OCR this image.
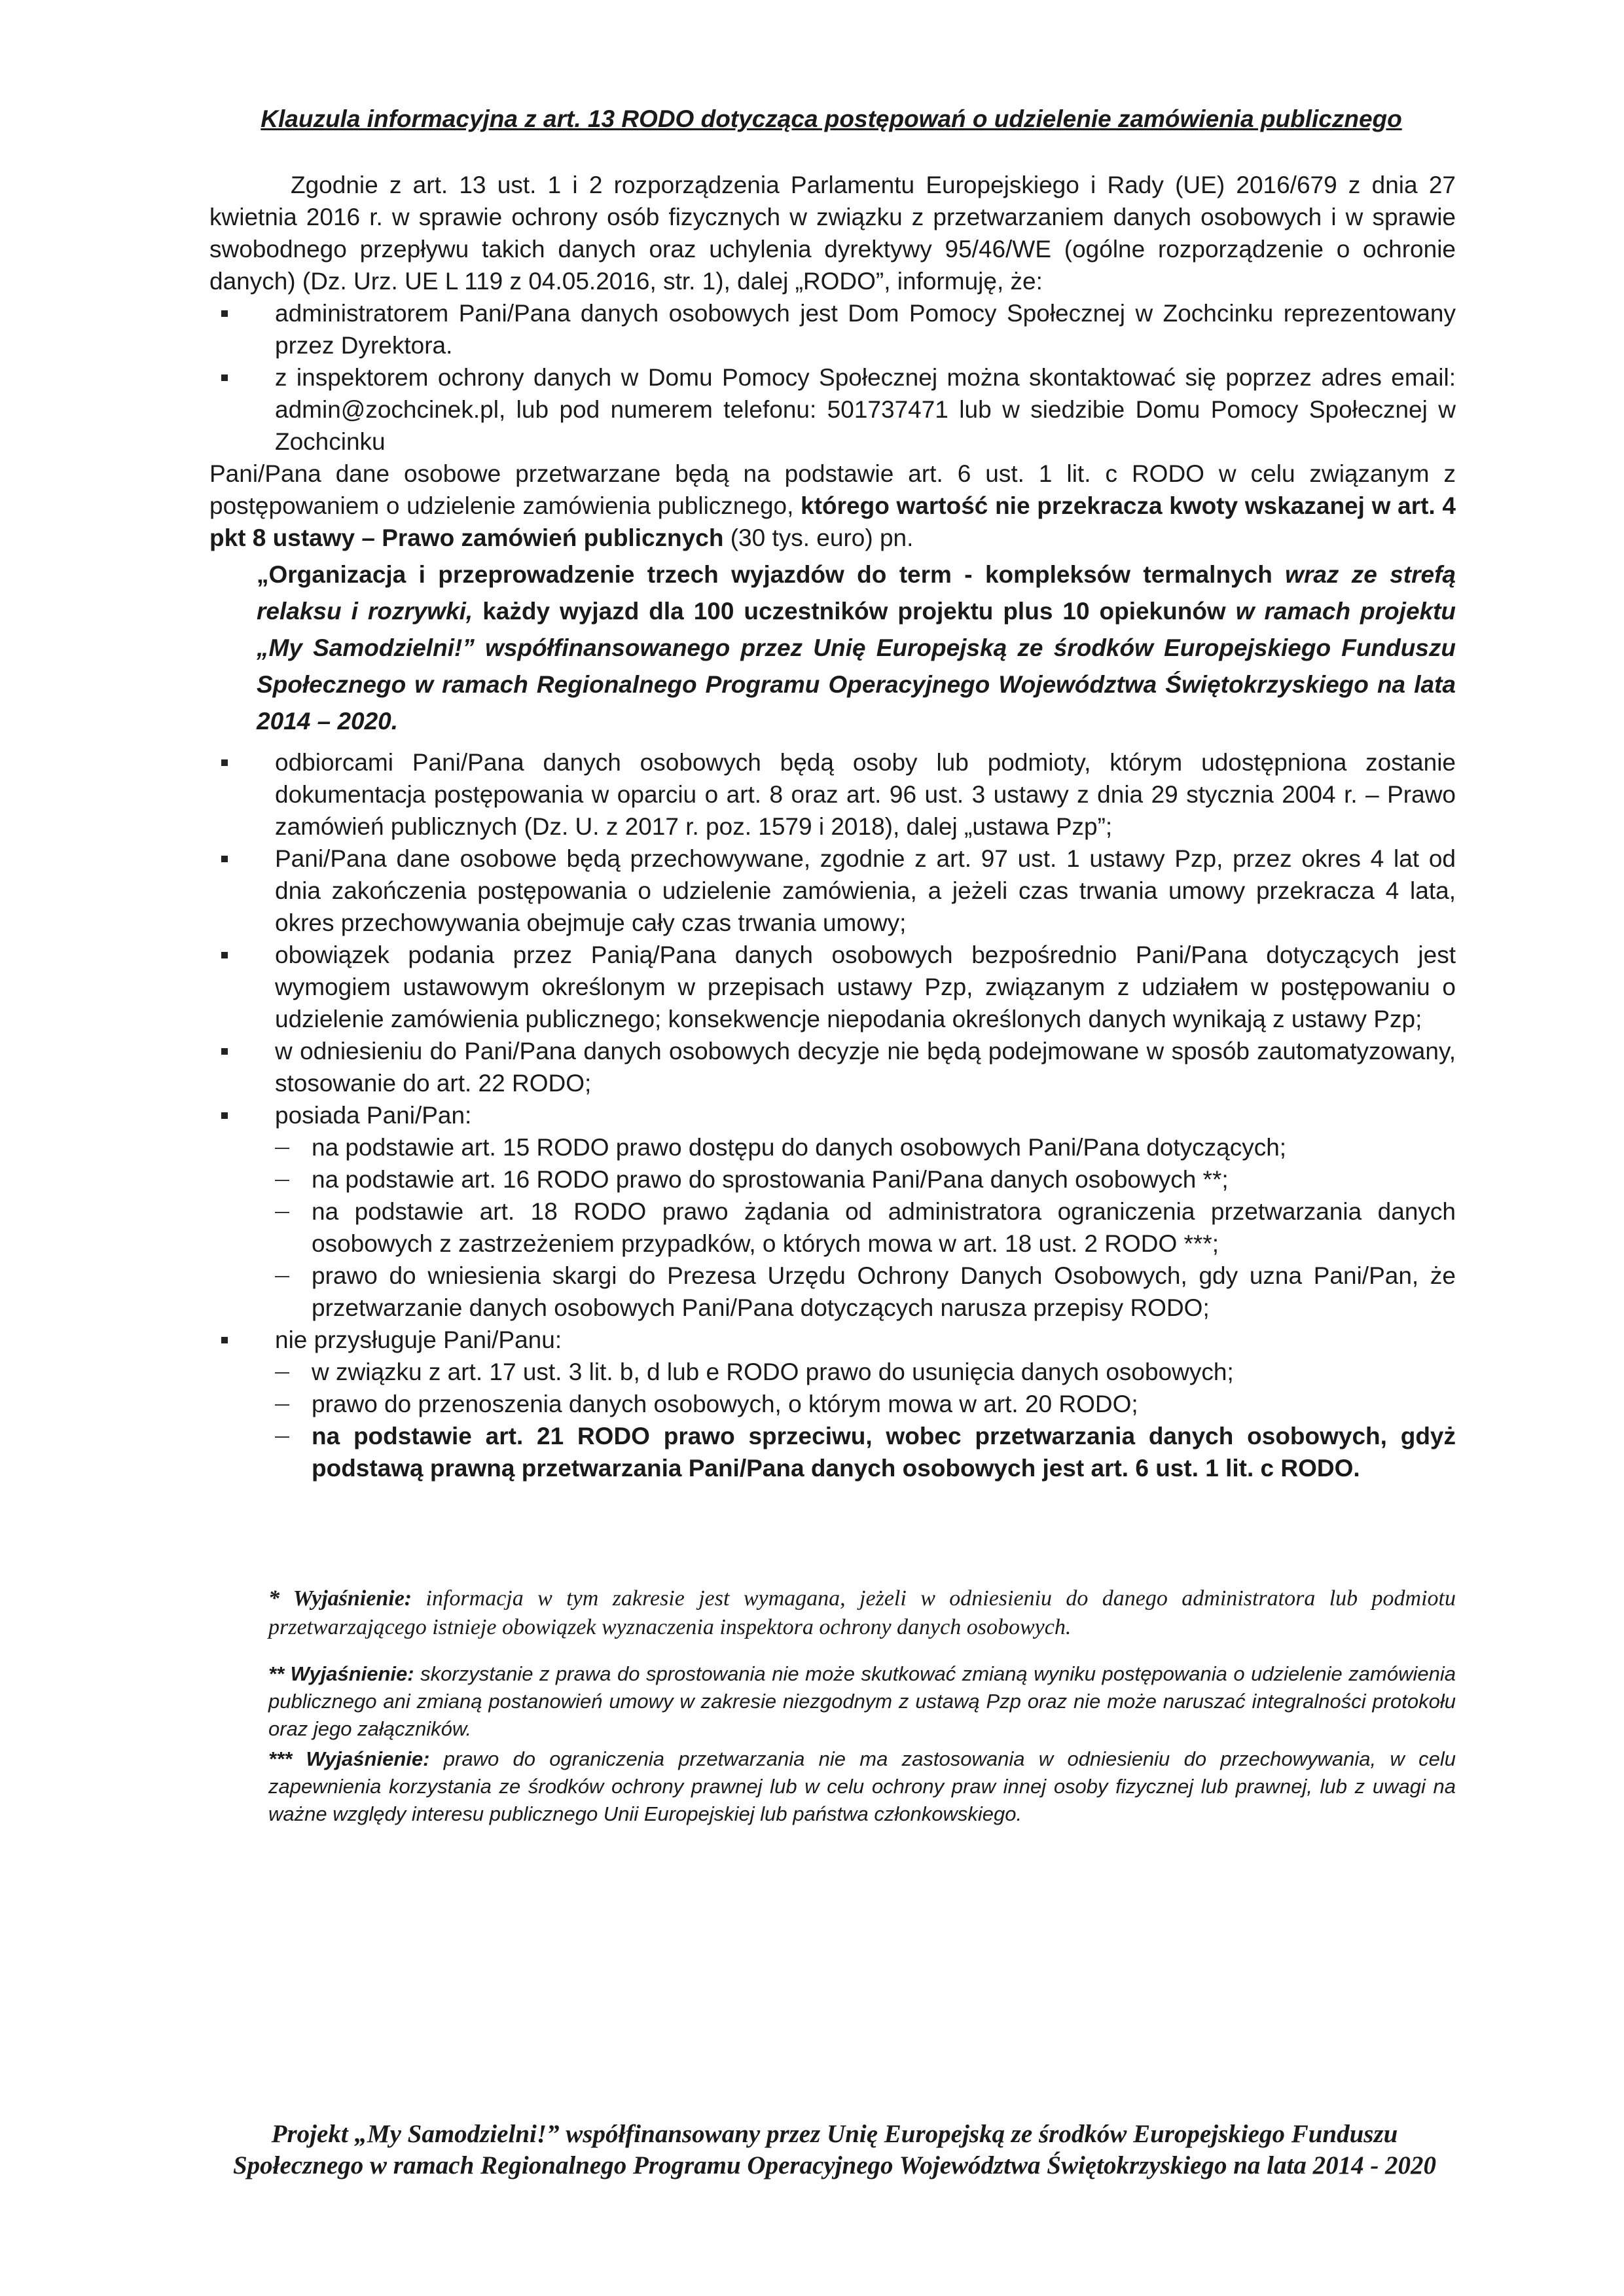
Klauzula informacyjna z art. 13 RODO dotycząca postępowań o udzielenie zamówienia publicznego

Zgodnie z art. 13 ust. 1 i 2 rozporządzenia Parlamentu Europejskiego i Rady (UE) 2016/679 z dnia 27 kwietnia 2016 r. w sprawie ochrony osób fizycznych w związku z przetwarzaniem danych osobowych i w sprawie swobodnego przepływu takich danych oraz uchylenia dyrektywy 95/46/WE (ogólne rozporządzenie o ochronie danych) (Dz. Urz. UE L 119 z 04.05.2016, str. 1), dalej „RODO”, informuję, że:

administratorem Pani/Pana danych osobowych jest Dom Pomocy Społecznej w Zochcinku reprezentowany przez Dyrektora.
z inspektorem ochrony danych w Domu Pomocy Społecznej można skontaktować się poprzez adres email: admin@zochcinek.pl, lub pod numerem telefonu: 501737471 lub w siedzibie Domu Pomocy Społecznej w Zochcinku

Pani/Pana dane osobowe przetwarzane będą na podstawie art. 6 ust. 1 lit. c RODO w celu związanym z postępowaniem o udzielenie zamówienia publicznego, którego wartość nie przekracza kwoty wskazanej w art. 4 pkt 8 ustawy – Prawo zamówień publicznych (30 tys. euro) pn.

„Organizacja i przeprowadzenie trzech wyjazdów do term - kompleksów termalnych wraz ze strefą relaksu i rozrywki, każdy wyjazd dla 100 uczestników projektu plus 10 opiekunów w ramach projektu „My Samodzielni!” współfinansowanego przez Unię Europejską ze środków Europejskiego Funduszu Społecznego w ramach Regionalnego Programu Operacyjnego Województwa Świętokrzyskiego na lata 2014 – 2020.

odbiorcami Pani/Pana danych osobowych będą osoby lub podmioty, którym udostępniona zostanie dokumentacja postępowania w oparciu o art. 8 oraz art. 96 ust. 3 ustawy z dnia 29 stycznia 2004 r. – Prawo zamówień publicznych (Dz. U. z 2017 r. poz. 1579 i 2018), dalej „ustawa Pzp”;
Pani/Pana dane osobowe będą przechowywane, zgodnie z art. 97 ust. 1 ustawy Pzp, przez okres 4 lat od dnia zakończenia postępowania o udzielenie zamówienia, a jeżeli czas trwania umowy przekracza 4 lata, okres przechowywania obejmuje cały czas trwania umowy;
obowiązek podania przez Panią/Pana danych osobowych bezpośrednio Pani/Pana dotyczących jest wymogiem ustawowym określonym w przepisach ustawy Pzp, związanym z udziałem w postępowaniu o udzielenie zamówienia publicznego; konsekwencje niepodania określonych danych wynikają z ustawy Pzp;
w odniesieniu do Pani/Pana danych osobowych decyzje nie będą podejmowane w sposób zautomatyzowany, stosowanie do art. 22 RODO;
posiada Pani/Pan:
na podstawie art. 15 RODO prawo dostępu do danych osobowych Pani/Pana dotyczących;
na podstawie art. 16 RODO prawo do sprostowania Pani/Pana danych osobowych **;
na podstawie art. 18 RODO prawo żądania od administratora ograniczenia przetwarzania danych osobowych z zastrzeżeniem przypadków, o których mowa w art. 18 ust. 2 RODO ***;
prawo do wniesienia skargi do Prezesa Urzędu Ochrony Danych Osobowych, gdy uzna Pani/Pan, że przetwarzanie danych osobowych Pani/Pana dotyczących narusza przepisy RODO;
nie przysługuje Pani/Panu:
w związku z art. 17 ust. 3 lit. b, d lub e RODO prawo do usunięcia danych osobowych;
prawo do przenoszenia danych osobowych, o którym mowa w art. 20 RODO;
na podstawie art. 21 RODO prawo sprzeciwu, wobec przetwarzania danych osobowych, gdyż podstawą prawną przetwarzania Pani/Pana danych osobowych jest art. 6 ust. 1 lit. c RODO.

* Wyjaśnienie: informacja w tym zakresie jest wymagana, jeżeli w odniesieniu do danego administratora lub podmiotu przetwarzającego istnieje obowiązek wyznaczenia inspektora ochrony danych osobowych.

** Wyjaśnienie: skorzystanie z prawa do sprostowania nie może skutkować zmianą wyniku postępowania o udzielenie zamówienia publicznego ani zmianą postanowień umowy w zakresie niezgodnym z ustawą Pzp oraz nie może naruszać integralności protokołu oraz jego załączników.

*** Wyjaśnienie: prawo do ograniczenia przetwarzania nie ma zastosowania w odniesieniu do przechowywania, w celu zapewnienia korzystania ze środków ochrony prawnej lub w celu ochrony praw innej osoby fizycznej lub prawnej, lub z uwagi na ważne względy interesu publicznego Unii Europejskiej lub państwa członkowskiego.

Projekt „My Samodzielni!” współfinansowany przez Unię Europejską ze środków Europejskiego Funduszu Społecznego w ramach Regionalnego Programu Operacyjnego Województwa Świętokrzyskiego na lata 2014 - 2020
